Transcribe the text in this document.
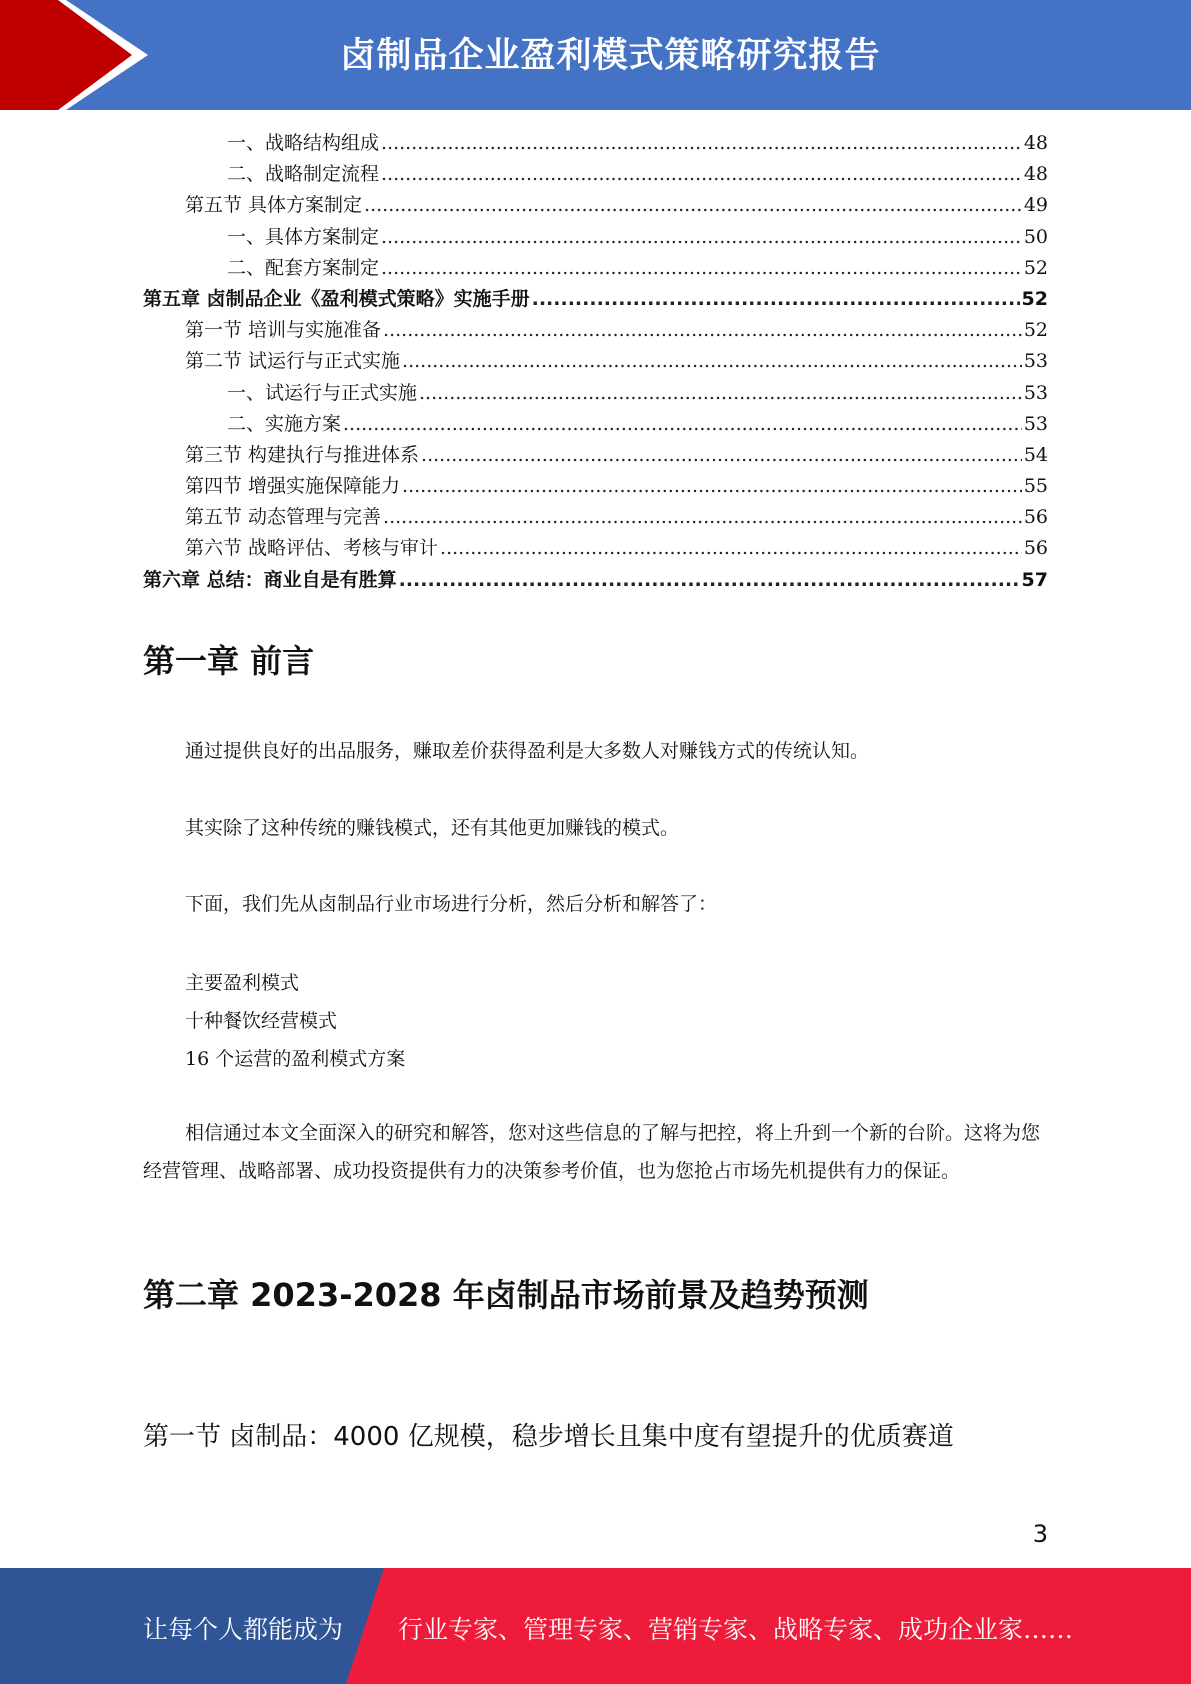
卤制品企业盈利模式策略研究报告
一、战略结构组成 .....	48
二、战略制定流程 .....	48
第五节 具体方案制定 .....	49
一、具体方案制定 .....	50
二、配套方案制定 .....	52
第五章 卤制品企业《盈利模式策略》实施手册 .....	52
第一节 培训与实施准备 .....	52
第二节 试运行与正式实施 .....	53
一、试运行与正式实施 .....	53
二、实施方案 .....	53
第三节 构建执行与推进体系 .....	54
第四节 增强实施保障能力 .....	55
第五节 动态管理与完善 .....	56
第六节 战略评估、考核与审计 .....	56
第六章 总结：商业自是有胜算 .....	57
第一章 前言
通过提供良好的出品服务，赚取差价获得盈利是大多数人对赚钱方式的传统认知。
其实除了这种传统的赚钱模式，还有其他更加赚钱的模式。
下面，我们先从卤制品行业市场进行分析，然后分析和解答了：
主要盈利模式
十种餐饮经营模式
16 个运营的盈利模式方案
相信通过本文全面深入的研究和解答，您对这些信息的了解与把控，将上升到一个新的台阶。这将为您经营管理、战略部署、成功投资提供有力的决策参考价值，也为您抢占市场先机提供有力的保证。
第二章 2023-2028 年卤制品市场前景及趋势预测
第一节 卤制品：4000 亿规模，稳步增长且集中度有望提升的优质赛道
3
让每个人都能成为 行业专家、管理专家、营销专家、战略专家、成功企业家……
